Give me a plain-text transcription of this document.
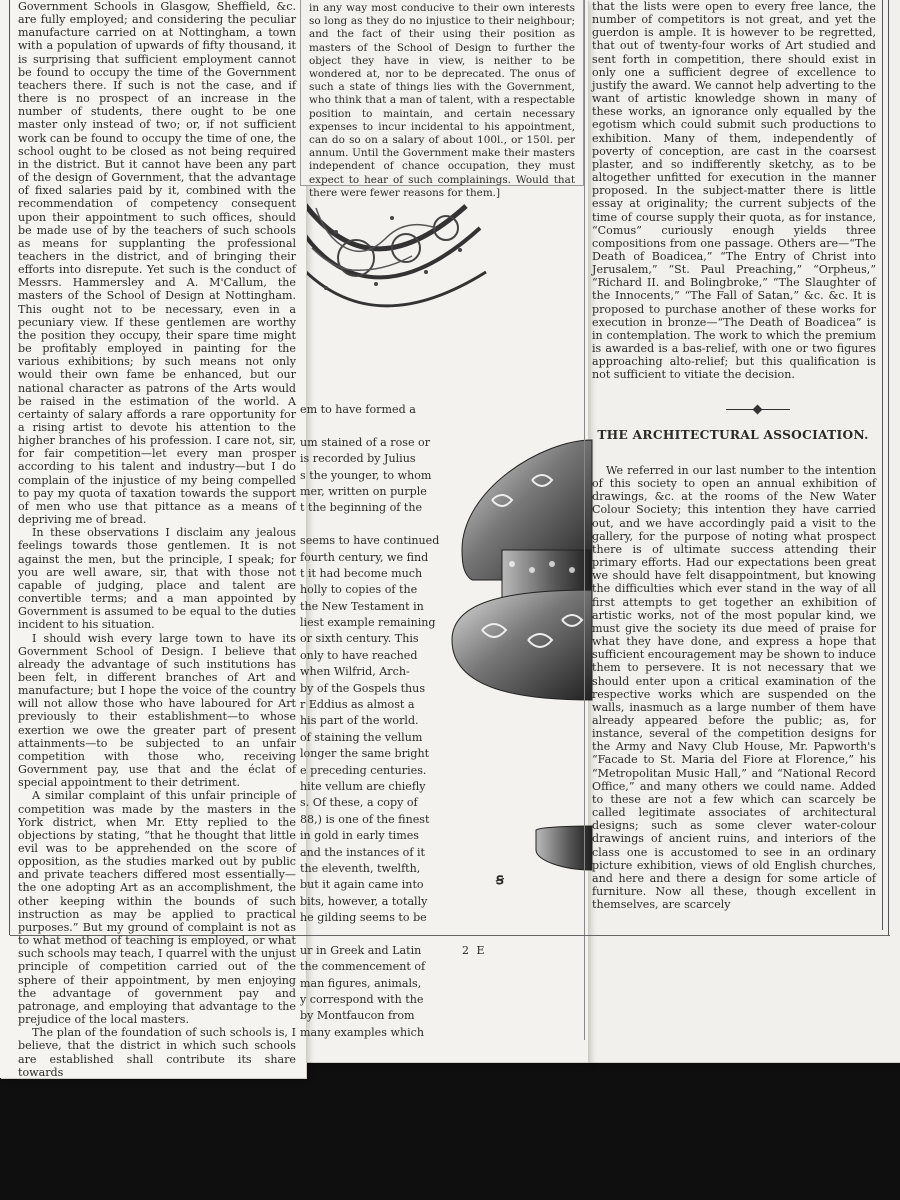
Government Schools in Glasgow, Sheffield, &c. are fully employed; and considering the peculiar manufacture carried on at Nottingham, a town with a population of upwards of fifty thousand, it is surprising that sufficient employment cannot be found to occupy the time of the Government teachers there. If such is not the case, and if there is no prospect of an increase in the number of students, there ought to be one master only instead of two; or, if not sufficient work can be found to occupy the time of one, the school ought to be closed as not being required in the district. But it cannot have been any part of the design of Government, that the advantage of fixed salaries paid by it, combined with the recommendation of competency consequent upon their appointment to such offices, should be made use of by the teachers of such schools as means for supplanting the professional teachers in the district, and of bringing their efforts into disrepute. Yet such is the conduct of Messrs. Hammersley and A. M'Callum, the masters of the School of Design at Nottingham. This ought not to be necessary, even in a pecuniary view. If these gentlemen are worthy the position they occupy, their spare time might be profitably employed in painting for the various exhibitions; by such means not only would their own fame be enhanced, but our national character as patrons of the Arts would be raised in the estimation of the world. A certainty of salary affords a rare opportunity for a rising artist to devote his attention to the higher branches of his profession. I care not, sir, for fair competition—let every man prosper according to his talent and industry—but I do complain of the injustice of my being compelled to pay my quota of taxation towards the support of men who use that pittance as a means of depriving me of bread.

In these observations I disclaim any jealous feelings towards those gentlemen. It is not against the men, but the principle, I speak; for you are well aware, sir, that with those not capable of judging, place and talent are convertible terms; and a man appointed by Government is assumed to be equal to the duties incident to his situation.

I should wish every large town to have its Government School of Design. I believe that already the advantage of such institutions has been felt, in different branches of Art and manufacture; but I hope the voice of the country will not allow those who have laboured for Art previously to their establishment—to whose exertion we owe the greater part of present attainments—to be subjected to an unfair competition with those who, receiving Government pay, use that and the éclat of special appointment to their detriment.

A similar complaint of this unfair principle of competition was made by the masters in the York district, when Mr. Etty replied to the objections by stating, “that he thought that little evil was to be apprehended on the score of opposition, as the studies marked out by public and private teachers differed most essentially—the one adopting Art as an accomplishment, the other keeping within the bounds of such instruction as may be applied to practical purposes.” But my ground of complaint is not as to what method of teaching is employed, or what such schools may teach, I quarrel with the unjust principle of competition carried out of the sphere of their appointment, by men enjoying the advantage of government pay and patronage, and employing that advantage to the prejudice of the local masters.

The plan of the foundation of such schools is, I believe, that the district in which such schools are established shall contribute its share towards

in any way most conducive to their own interests so long as they do no injustice to their neighbour; and the fact of their using their position as masters of the School of Design to further the object they have in view, is neither to be wondered at, nor to be deprecated. The onus of such a state of things lies with the Government, who think that a man of talent, with a respectable position to maintain, and certain necessary expenses to incur incidental to his appointment, can do so on a salary of about 100l., or 150l. per annum. Until the Government make their masters independent of chance occupation, they must expect to hear of such complainings. Would that there were fewer reasons for them.]
em to have formed a
um stained of a rose or
is recorded by Julius
s the younger, to whom
mer, written on purple
t the beginning of the
seems to have continued
fourth century, we find
t it had become much
holly to copies of the
the New Testament in
liest example remaining
or sixth century. This
only to have reached
when Wilfrid, Arch-
by of the Gospels thus
r Eddius as almost a
his part of the world.
of staining the vellum
longer the same bright
e preceding centuries.
hite vellum are chiefly
s. Of these, a copy of
88,) is one of the finest
in gold in early times
and the instances of it
the eleventh, twelfth,
but it again came into
bits, however, a totally
he gilding seems to be
ur in Greek and Latin
the commencement of
man figures, animals,
y correspond with the
by Montfaucon from
many examples which

that the lists were open to every free lance, the number of competitors is not great, and yet the guerdon is ample. It is however to be regretted, that out of twenty-four works of Art studied and sent forth in competition, there should exist in only one a sufficient degree of excellence to justify the award. We cannot help adverting to the want of artistic knowledge shown in many of these works, an ignorance only equalled by the egotism which could submit such productions to exhibition. Many of them, independently of poverty of conception, are cast in the coarsest plaster, and so indifferently sketchy, as to be altogether unfitted for execution in the manner proposed. In the subject-matter there is little essay at originality; the current subjects of the time of course supply their quota, as for instance, “Comus” curiously enough yields three compositions from one passage. Others are—“The Death of Boadicea,” “The Entry of Christ into Jerusalem,” “St. Paul Preaching,” “Orpheus,” “Richard II. and Bolingbroke,” “The Slaughter of the Innocents,” “The Fall of Satan,” &c. &c. It is proposed to purchase another of these works for execution in bronze—“The Death of Boadicea” is in contemplation. The work to which the premium is awarded is a bas-relief, with one or two figures approaching alto-relief; but this qualification is not sufficient to vitiate the decision.

THE ARCHITECTURAL ASSOCIATION.

We referred in our last number to the intention of this society to open an annual exhibition of drawings, &c. at the rooms of the New Water Colour Society; this intention they have carried out, and we have accordingly paid a visit to the gallery, for the purpose of noting what prospect there is of ultimate success attending their primary efforts. Had our expectations been great we should have felt disappointment, but knowing the difficulties which ever stand in the way of all first attempts to get together an exhibition of artistic works, not of the most popular kind, we must give the society its due meed of praise for what they have done, and express a hope that sufficient encouragement may be shown to induce them to persevere. It is not necessary that we should enter upon a critical examination of the respective works which are suspended on the walls, inasmuch as a large number of them have already appeared before the public; as, for instance, several of the competition designs for the Army and Navy Club House, Mr. Papworth's “Facade to St. Maria del Fiore at Florence,” his “Metropolitan Music Hall,” and “National Record Office,” and many others we could name. Added to these are not a few which can scarcely be called legitimate associates of architectural designs; such as some clever water-colour drawings of ancient ruins, and interiors of the class one is accustomed to see in an ordinary picture exhibition, views of old English churches, and here and there a design for some article of furniture. Now all these, though excellent in themselves, are scarcely

ꞩ
2 E
